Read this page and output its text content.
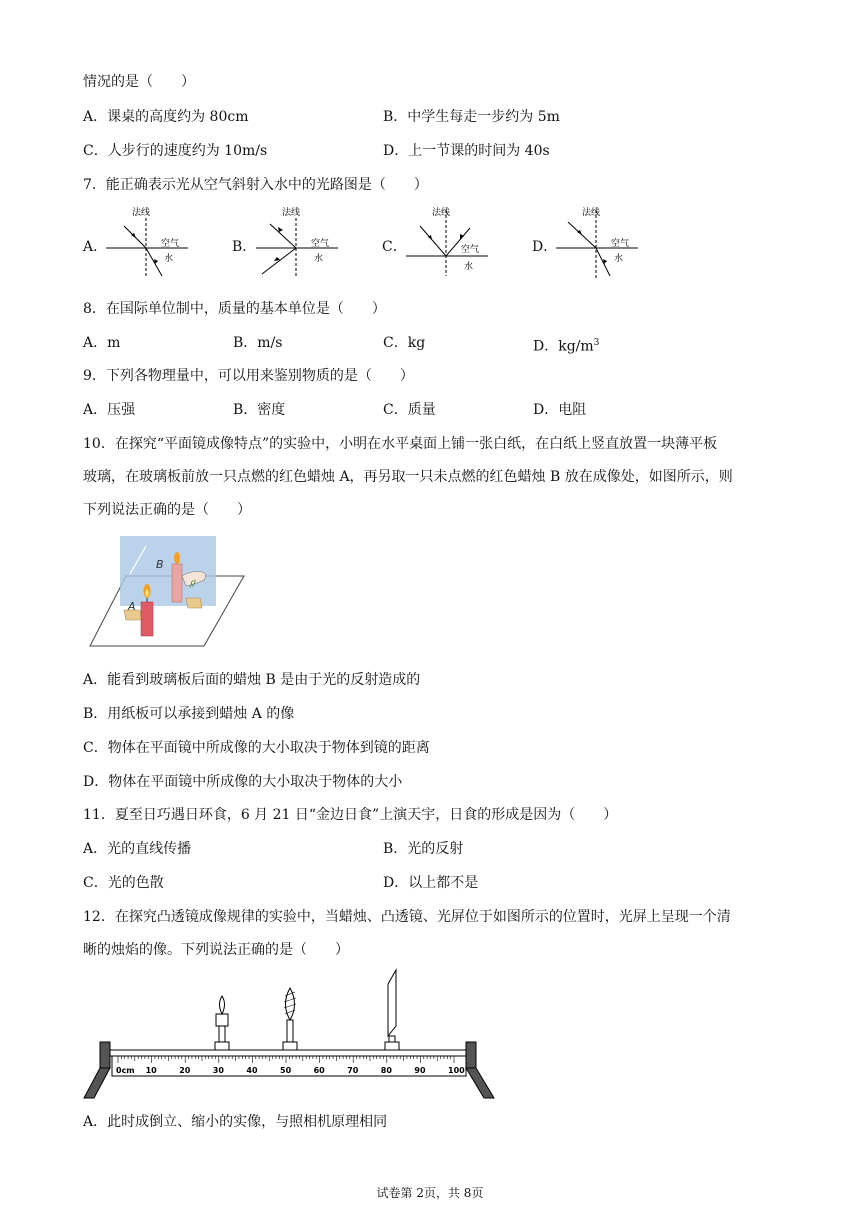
情况的是（　　）
A．课桌的高度约为 80cm	B．中学生每走一步约为 5m
C．人步行的速度约为 10m/s	D．上一节课的时间为 40s
7．能正确表示光从空气斜射入水中的光路图是（　　）
A．	B．	C．	D．
法线
空气
水
法线
空气
水
法线
空气
水
法线
空气
水
8．在国际单位制中，质量的基本单位是（　　）
A．m	B．m/s	C．kg	D．$kg/m^3$
9．下列各物理量中，可以用来鉴别物质的是（　　）
A．压强	B．密度	C．质量	D．电阻
10．在探究“平面镜成像特点”的实验中，小明在水平桌面上铺一张白纸，在白纸上竖直放置一块薄平板
玻璃，在玻璃板前放一只点燃的红色蜡烛 A，再另取一只未点燃的红色蜡烛 B 放在成像处，如图所示，则
下列说法正确的是（　　）
ℊ
B
A
A．能看到玻璃板后面的蜡烛 B 是由于光的反射造成的
B．用纸板可以承接到蜡烛 A 的像
C．物体在平面镜中所成像的大小取决于物体到镜的距离
D．物体在平面镜中所成像的大小取决于物体的大小
11．夏至日巧遇日环食，6 月 21 日“金边日食”上演天宇，日食的形成是因为（　　）
A．光的直线传播	B．光的反射
C．光的色散	D．以上都不是
12．在探究凸透镜成像规律的实验中，当蜡烛、凸透镜、光屏位于如图所示的位置时，光屏上呈现一个清
晰的烛焰的像。下列说法正确的是（　　）
0cm 10	20	30	40	50	60	70	80	90	100
A．此时成倒立、缩小的实像，与照相机原理相同
试卷第 2页，共 8页
